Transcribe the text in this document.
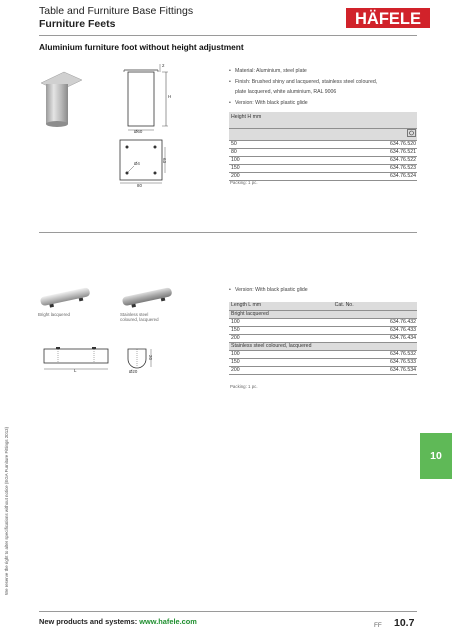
Table and Furniture Base Fittings
Furniture Feets	HÄFELE
Aluminium furniture foot without height adjustment
H
2
Ø60
Ø4
63
80
• Material: Aluminium, steel plate
• Finish: Brushed shiny and lacquered, stainless steel coloured,
plate lacquered, white aluminium, RAL 9006
• Version: With black plastic glide
Height H mm	

50	634.76.520
80	634.76.521
100	634.76.522
150	634.76.523
200	634.76.524
Packing: 1 pc.
Bright lacquered	Stainless steel
coloured, lacquered
L
20
Ø20
• Version: With black plastic glide
Length L mm	Cat. No.
Bright lacquered	
100	634.76.432
150	634.76.433
200	634.76.434
Stainless steel coloured, lacquered	
100	634.76.532
150	634.76.533
200	634.76.534
Packing: 1 pc.
We reserve the right to alter specifications without notice (EGA Furniture Fittings 2013)	10
New products and systems: www.hafele.com	FF 10.7
